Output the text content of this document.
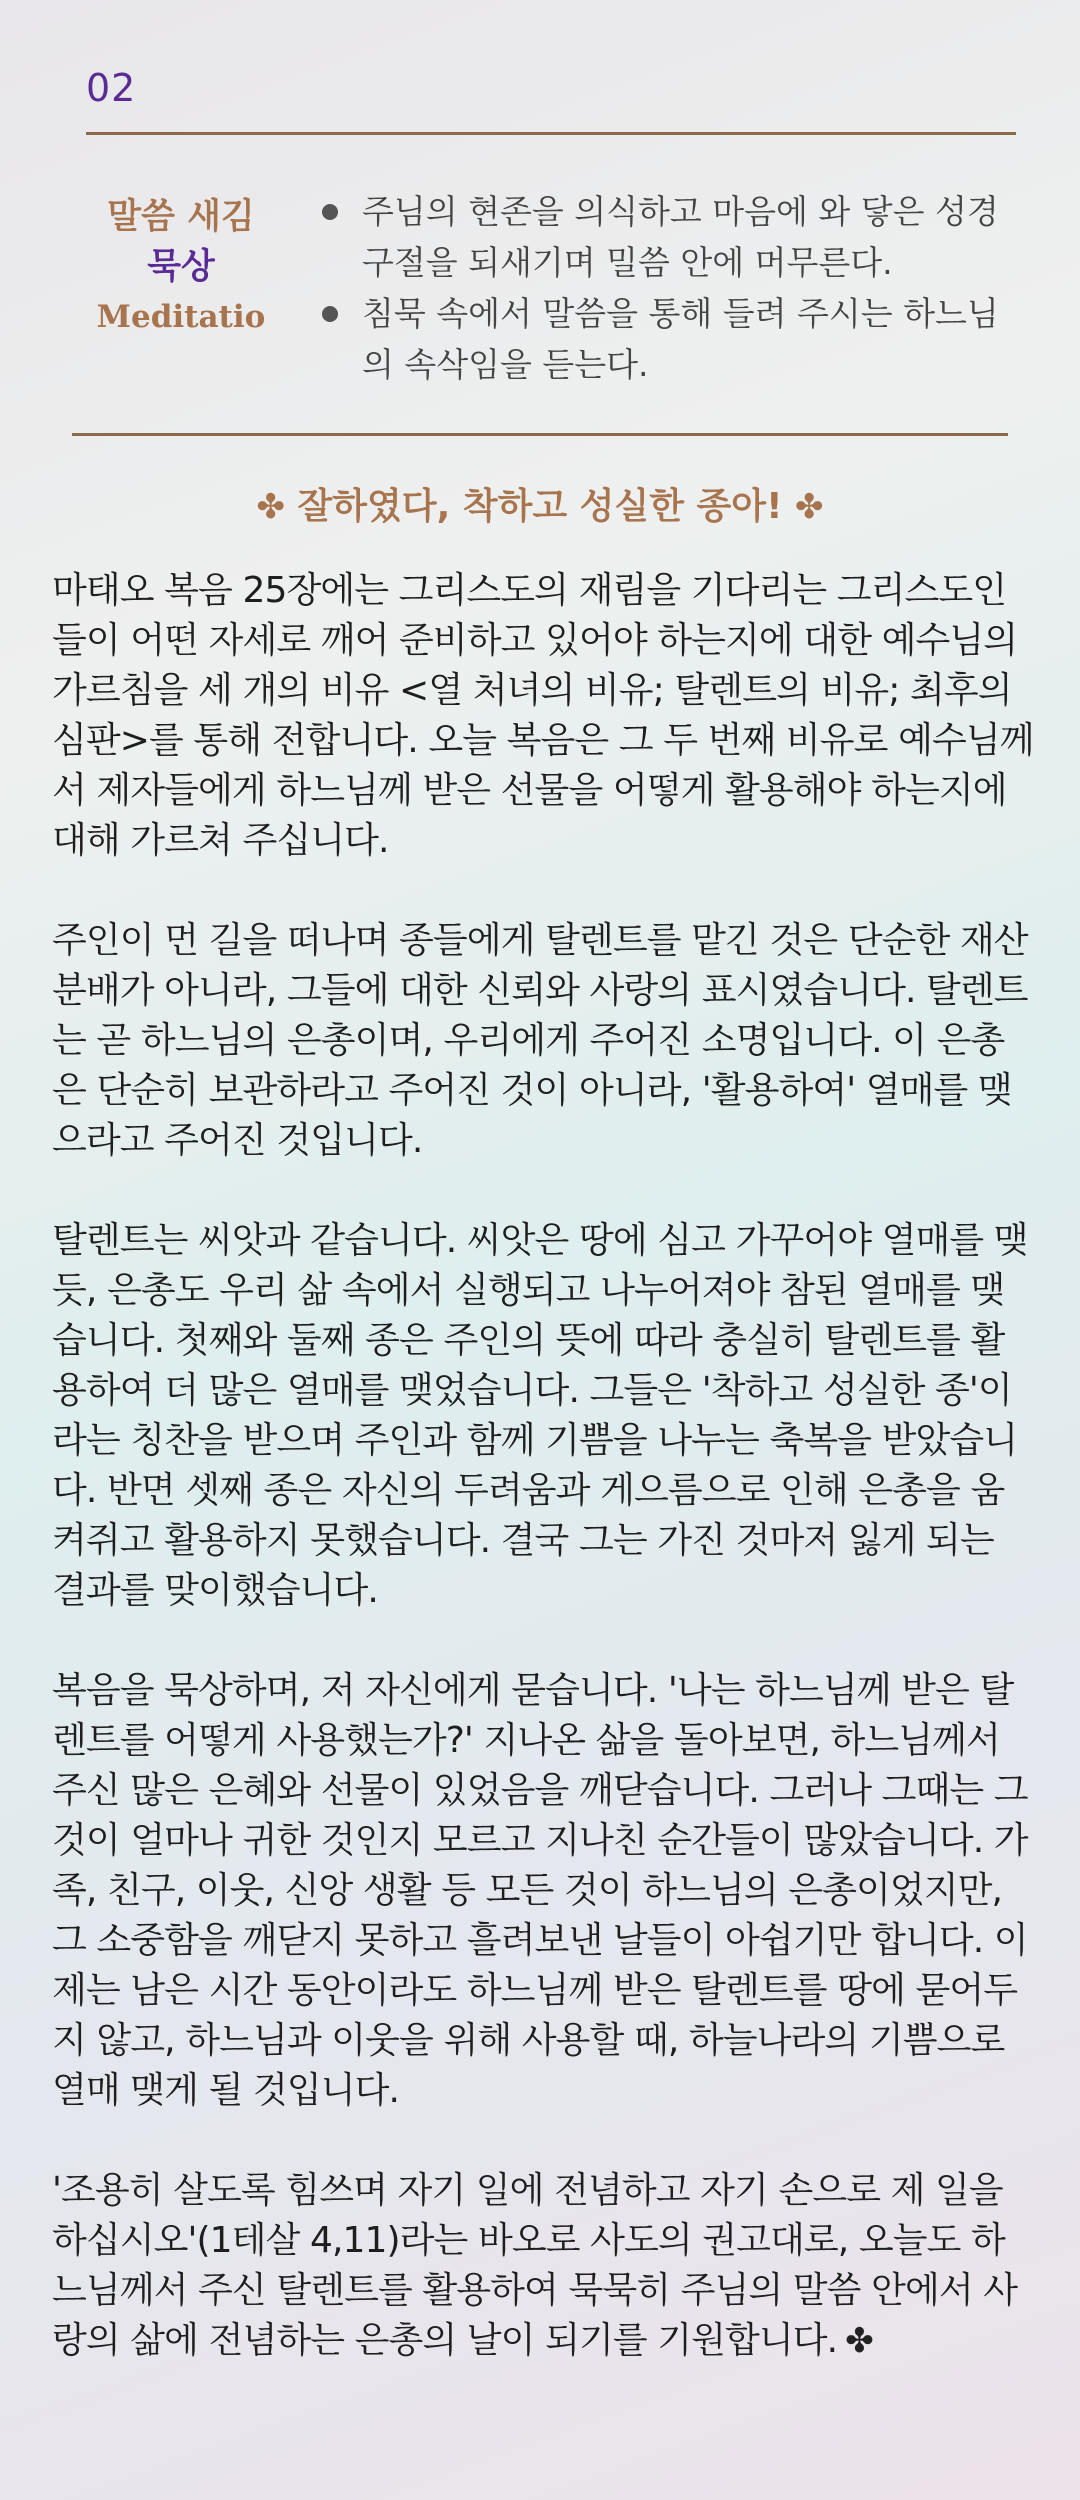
02
말씀 새김
묵상
Meditatio
주님의 현존을 의식하고 마음에 와 닿은 성경구절을 되새기며 밀씀 안에 머무른다.
침묵 속에서 말씀을 통해 들려 주시는 하느님의 속삭임을 듣는다.
✤ 잘하였다, 착하고 성실한 종아! ✤

마태오 복음 25장에는 그리스도의 재림을 기다리는 그리스도인들이 어떤 자세로 깨어 준비하고 있어야 하는지에 대한 예수님의 가르침을 세 개의 비유 <열 처녀의 비유; 탈렌트의 비유; 최후의 심판>를 통해 전합니다. 오늘 복음은 그 두 번째 비유로 예수님께서 제자들에게 하느님께 받은 선물을 어떻게 활용해야 하는지에 대해 가르쳐 주십니다.

주인이 먼 길을 떠나며 종들에게 탈렌트를 맡긴 것은 단순한 재산 분배가 아니라, 그들에 대한 신뢰와 사랑의 표시였습니다. 탈렌트는 곧 하느님의 은총이며, 우리에게 주어진 소명입니다. 이 은총은 단순히 보관하라고 주어진 것이 아니라, '활용하여' 열매를 맺으라고 주어진 것입니다.

탈렌트는 씨앗과 같습니다. 씨앗은 땅에 심고 가꾸어야 열매를 맺듯, 은총도 우리 삶 속에서 실행되고 나누어져야 참된 열매를 맺습니다. 첫째와 둘째 종은 주인의 뜻에 따라 충실히 탈렌트를 활용하여 더 많은 열매를 맺었습니다. 그들은 '착하고 성실한 종'이라는 칭찬을 받으며 주인과 함께 기쁨을 나누는 축복을 받았습니다. 반면 셋째 종은 자신의 두려움과 게으름으로 인해 은총을 움켜쥐고 활용하지 못했습니다. 결국 그는 가진 것마저 잃게 되는 결과를 맞이했습니다.

복음을 묵상하며, 저 자신에게 묻습니다. '나는 하느님께 받은 탈렌트를 어떻게 사용했는가?' 지나온 삶을 돌아보면, 하느님께서 주신 많은 은혜와 선물이 있었음을 깨닫습니다. 그러나 그때는 그것이 얼마나 귀한 것인지 모르고 지나친 순간들이 많았습니다. 가족, 친구, 이웃, 신앙 생활 등 모든 것이 하느님의 은총이었지만, 그 소중함을 깨닫지 못하고 흘려보낸 날들이 아쉽기만 합니다. 이제는 남은 시간 동안이라도 하느님께 받은 탈렌트를 땅에 묻어두지 않고, 하느님과 이웃을 위해 사용할 때, 하늘나라의 기쁨으로 열매 맺게 될 것입니다.

'조용히 살도록 힘쓰며 자기 일에 전념하고 자기 손으로 제 일을 하십시오'(1테살 4,11)라는 바오로 사도의 권고대로, 오늘도 하느님께서 주신 탈렌트를 활용하여 묵묵히 주님의 말씀 안에서 사랑의 삶에 전념하는 은총의 날이 되기를 기원합니다. ✤
